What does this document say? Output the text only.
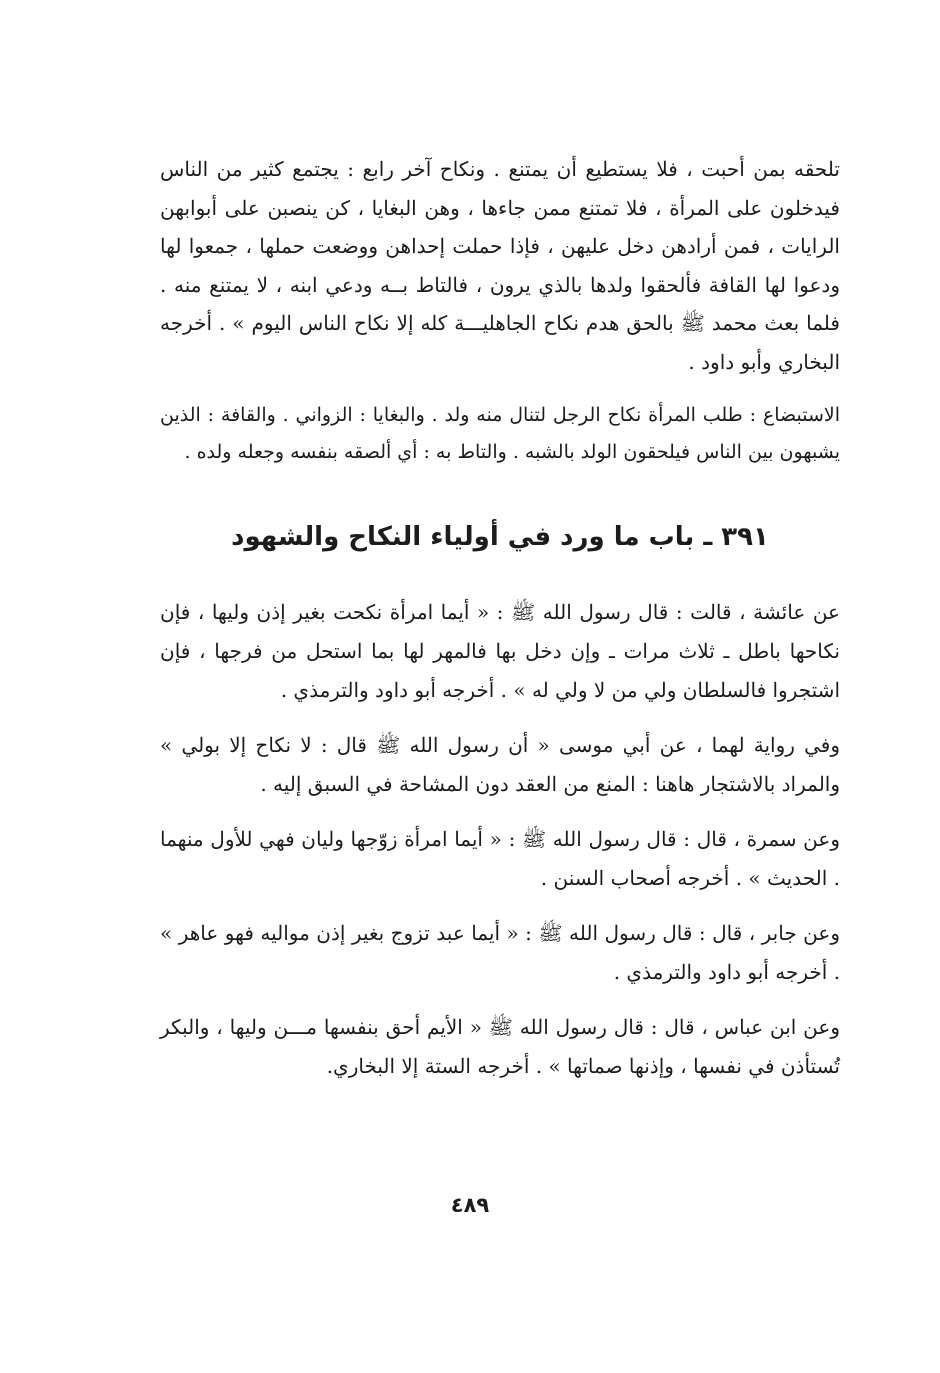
تلحقه بمن أحبت ، فلا يستطيع أن يمتنع . ونكاح آخر رابع : يجتمع كثير من الناس فيدخلون على المرأة ، فلا تمتنع ممن جاءها ، وهن البغايا ، كن ينصبن على أبوابهن الرايات ، فمن أرادهن دخل عليهن ، فإذا حملت إحداهن ووضعت حملها ، جمعوا لها ودعوا لها القافة فألحقوا ولدها بالذي يرون ، فالتاط بــه ودعي ابنه ، لا يمتنع منه . فلما بعث محمد ﷺ بالحق هدم نكاح الجاهليـــة كله إلا نكاح الناس اليوم » . أخرجه البخاري وأبو داود .

الاستبضاع : طلب المرأة نكاح الرجل لتنال منه ولد . والبغايا : الزواني . والقافة : الذين يشبهون بين الناس فيلحقون الولد بالشبه . والتاط به : أي ألصقه بنفسه وجعله ولده .

٣٩١ ـ باب ما ورد في أولياء النكاح والشهود

عن عائشة ، قالت : قال رسول الله ﷺ : « أيما امرأة نكحت بغير إذن وليها ، فإن نكاحها باطل ـ ثلاث مرات ـ وإن دخل بها فالمهر لها بما استحل من فرجها ، فإن اشتجروا فالسلطان ولي من لا ولي له » . أخرجه أبو داود والترمذي .

وفي رواية لهما ، عن أبي موسى « أن رسول الله ﷺ قال : لا نكاح إلا بولي » والمراد بالاشتجار هاهنا : المنع من العقد دون المشاحة في السبق إليه .

وعن سمرة ، قال : قال رسول الله ﷺ : « أيما امرأة زوّجها وليان فهي للأول منهما . الحديث » . أخرجه أصحاب السنن .

وعن جابر ، قال : قال رسول الله ﷺ : « أيما عبد تزوج بغير إذن مواليه فهو عاهر » . أخرجه أبو داود والترمذي .

وعن ابن عباس ، قال : قال رسول الله ﷺ « الأيم أحق بنفسها مـــن وليها ، والبكر تُستأذن في نفسها ، وإذنها صماتها » . أخرجه الستة إلا البخاري.

٤٨٩
